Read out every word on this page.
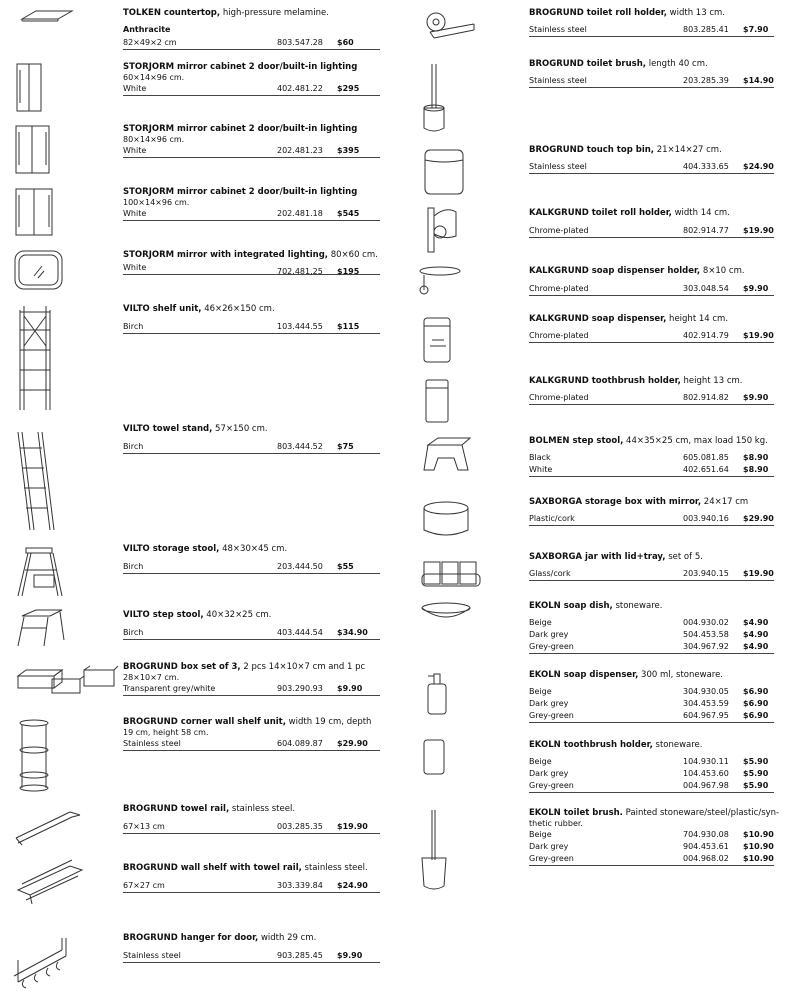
TOLKEN countertop, high-pressure melamine.
Anthracite
82×49×2 cm	803.547.28 $60
STORJORM mirror cabinet 2 door/built-in lighting
60×14×96 cm.
White	402.481.22 $295
STORJORM mirror cabinet 2 door/built-in lighting
80×14×96 cm.
White	202.481.23 $395
STORJORM mirror cabinet 2 door/built-in lighting
100×14×96 cm.
White	202.481.18 $545
STORJORM mirror with integrated lighting, 80×60 cm.
White	702.481.25 $195
VILTO shelf unit, 46×26×150 cm.
Birch	103.444.55 $115
VILTO towel stand, 57×150 cm.
Birch	803.444.52 $75
VILTO storage stool, 48×30×45 cm.
Birch	203.444.50 $55
VILTO step stool, 40×32×25 cm.
Birch	403.444.54 $34.90
BROGRUND box set of 3, 2 pcs 14×10×7 cm and 1 pc
28×10×7 cm.
Transparent grey/white	903.290.93 $9.90
BROGRUND corner wall shelf unit, width 19 cm, depth
19 cm, height 58 cm.
Stainless steel	604.089.87 $29.90
BROGRUND towel rail, stainless steel.
67×13 cm	003.285.35 $19.90
BROGRUND wall shelf with towel rail, stainless steel.
67×27 cm	303.339.84 $24.90
BROGRUND hanger for door, width 29 cm.
Stainless steel	903.285.45 $9.90
BROGRUND toilet roll holder, width 13 cm.
Stainless steel	803.285.41 $7.90
BROGRUND toilet brush, length 40 cm.
Stainless steel	203.285.39 $14.90
BROGRUND touch top bin, 21×14×27 cm.
Stainless steel	404.333.65 $24.90
KALKGRUND toilet roll holder, width 14 cm.
Chrome-plated	802.914.77 $19.90
KALKGRUND soap dispenser holder, 8×10 cm.
Chrome-plated	303.048.54 $9.90
KALKGRUND soap dispenser, height 14 cm.
Chrome-plated	402.914.79 $19.90
KALKGRUND toothbrush holder, height 13 cm.
Chrome-plated	802.914.82 $9.90
BOLMEN step stool, 44×35×25 cm, max load 150 kg.
Black	605.081.85 $8.90
White	402.651.64 $8.90
SAXBORGA storage box with mirror, 24×17 cm
Plastic/cork	003.940.16 $29.90
SAXBORGA jar with lid+tray, set of 5.
Glass/cork	203.940.15 $19.90
EKOLN soap dish, stoneware.
Beige	004.930.02 $4.90
Dark grey	504.453.58 $4.90
Grey-green	304.967.92 $4.90
EKOLN soap dispenser, 300 ml, stoneware.
Beige	304.930.05 $6.90
Dark grey	304.453.59 $6.90
Grey-green	604.967.95 $6.90
EKOLN toothbrush holder, stoneware.
Beige	104.930.11 $5.90
Dark grey	104.453.60 $5.90
Grey-green	004.967.98 $5.90
EKOLN toilet brush. Painted stoneware/steel/plastic/syn-
thetic rubber.
Beige	704.930.08 $10.90
Dark grey	904.453.61 $10.90
Grey-green	004.968.02 $10.90
